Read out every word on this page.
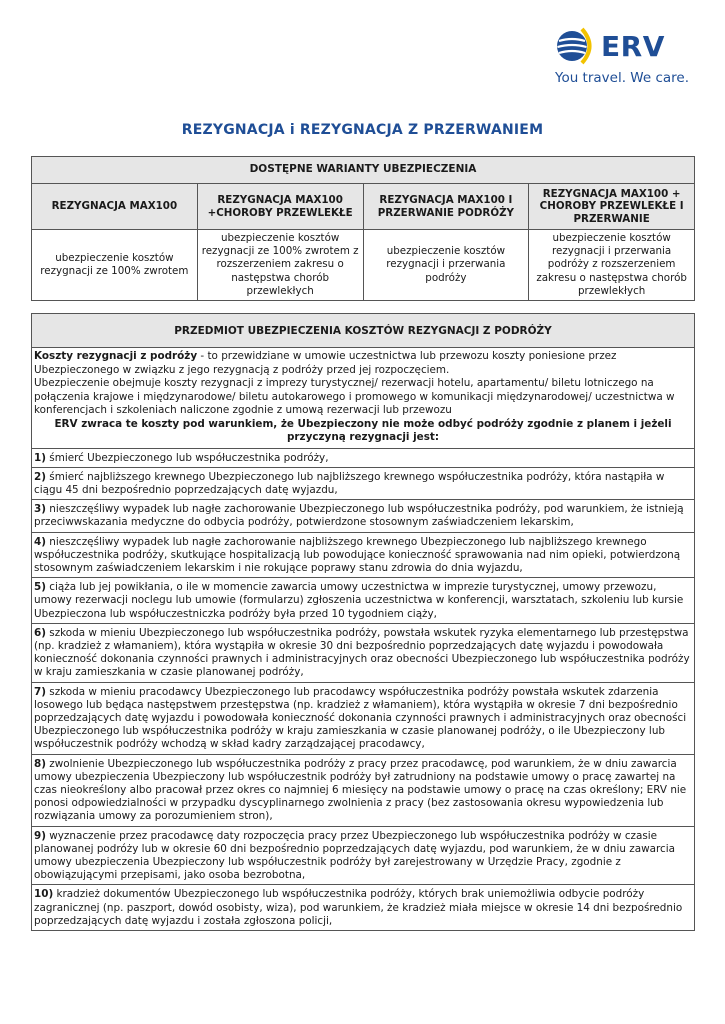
ERV
You travel. We care.
REZYGNACJA i REZYGNACJA Z PRZERWANIEM
DOSTĘPNE WARIANTY UBEZPIECZENIA			
REZYGNACJA MAX100	REZYGNACJA MAX100 +CHOROBY PRZEWLEKŁE	REZYGNACJA MAX100 I PRZERWANIE PODRÓŻY	REZYGNACJA MAX100 + CHOROBY PRZEWLEKŁE I PRZERWANIE
ubezpieczenie kosztów rezygnacji ze 100% zwrotem	ubezpieczenie kosztów rezygnacji ze 100% zwrotem z rozszerzeniem zakresu o następstwa chorób przewlekłych	ubezpieczenie kosztów rezygnacji i przerwania podróży	ubezpieczenie kosztów rezygnacji i przerwania podróży z rozszerzeniem zakresu o następstwa chorób przewlekłych
PRZEDMIOT UBEZPIECZENIA KOSZTÓW REZYGNACJI Z PODRÓŻY
Koszty rezygnacji z podróży - to przewidziane w umowie uczestnictwa lub przewozu koszty poniesione przez Ubezpieczonego w związku z jego rezygnacją z podróży przed jej rozpoczęciem.
Ubezpieczenie obejmuje koszty rezygnacji z imprezy turystycznej/ rezerwacji hotelu, apartamentu/ biletu lotniczego na połączenia krajowe i międzynarodowe/ biletu autokarowego i promowego w komunikacji międzynarodowej/ uczestnictwa w konferencjach i szkoleniach naliczone zgodnie z umową rezerwacji lub przewozu
ERV zwraca te koszty pod warunkiem, że Ubezpieczony nie może odbyć podróży zgodnie z planem i jeżeli przyczyną rezygnacji jest:
1) śmierć Ubezpieczonego lub współuczestnika podróży,
2) śmierć najbliższego krewnego Ubezpieczonego lub najbliższego krewnego współuczestnika podróży, która nastąpiła w ciągu 45 dni bezpośrednio poprzedzających datę wyjazdu,
3) nieszczęśliwy wypadek lub nagłe zachorowanie Ubezpieczonego lub współuczestnika podróży, pod warunkiem, że istnieją przeciwwskazania medyczne do odbycia podróży, potwierdzone stosownym zaświadczeniem lekarskim,
4) nieszczęśliwy wypadek lub nagłe zachorowanie najbliższego krewnego Ubezpieczonego lub najbliższego krewnego współuczestnika podróży, skutkujące hospitalizacją lub powodujące konieczność sprawowania nad nim opieki, potwierdzoną stosownym zaświadczeniem lekarskim i nie rokujące poprawy stanu zdrowia do dnia wyjazdu,
5) ciąża lub jej powikłania, o ile w momencie zawarcia umowy uczestnictwa w imprezie turystycznej, umowy przewozu, umowy rezerwacji noclegu lub umowie (formularzu) zgłoszenia uczestnictwa w konferencji, warsztatach, szkoleniu lub kursie Ubezpieczona lub współuczestniczka podróży była przed 10 tygodniem ciąży,
6) szkoda w mieniu Ubezpieczonego lub współuczestnika podróży, powstała wskutek ryzyka elementarnego lub przestępstwa (np. kradzież z włamaniem), która wystąpiła w okresie 30 dni bezpośrednio poprzedzających datę wyjazdu i powodowała konieczność dokonania czynności prawnych i administracyjnych oraz obecności Ubezpieczonego lub współuczestnika podróży w kraju zamieszkania w czasie planowanej podróży,
7) szkoda w mieniu pracodawcy Ubezpieczonego lub pracodawcy współuczestnika podróży powstała wskutek zdarzenia losowego lub będąca następstwem przestępstwa (np. kradzież z włamaniem), która wystąpiła w okresie 7 dni bezpośrednio poprzedzających datę wyjazdu i powodowała konieczność dokonania czynności prawnych i administracyjnych oraz obecności Ubezpieczonego lub współuczestnika podróży w kraju zamieszkania w czasie planowanej podróży, o ile Ubezpieczony lub współuczestnik podróży wchodzą w skład kadry zarządzającej pracodawcy,
8) zwolnienie Ubezpieczonego lub współuczestnika podróży z pracy przez pracodawcę, pod warunkiem, że w dniu zawarcia umowy ubezpieczenia Ubezpieczony lub współuczestnik podróży był zatrudniony na podstawie umowy o pracę zawartej na czas nieokreślony albo pracował przez okres co najmniej 6 miesięcy na podstawie umowy o pracę na czas określony; ERV nie ponosi odpowiedzialności w przypadku dyscyplinarnego zwolnienia z pracy (bez zastosowania okresu wypowiedzenia lub rozwiązania umowy za porozumieniem stron),
9) wyznaczenie przez pracodawcę daty rozpoczęcia pracy przez Ubezpieczonego lub współuczestnika podróży w czasie planowanej podróży lub w okresie 60 dni bezpośrednio poprzedzających datę wyjazdu, pod warunkiem, że w dniu zawarcia umowy ubezpieczenia Ubezpieczony lub współuczestnik podróży był zarejestrowany w Urzędzie Pracy, zgodnie z obowiązującymi przepisami, jako osoba bezrobotna,
10) kradzież dokumentów Ubezpieczonego lub współuczestnika podróży, których brak uniemożliwia odbycie podróży zagranicznej (np. paszport, dowód osobisty, wiza), pod warunkiem, że kradzież miała miejsce w okresie 14 dni bezpośrednio poprzedzających datę wyjazdu i została zgłoszona policji,
